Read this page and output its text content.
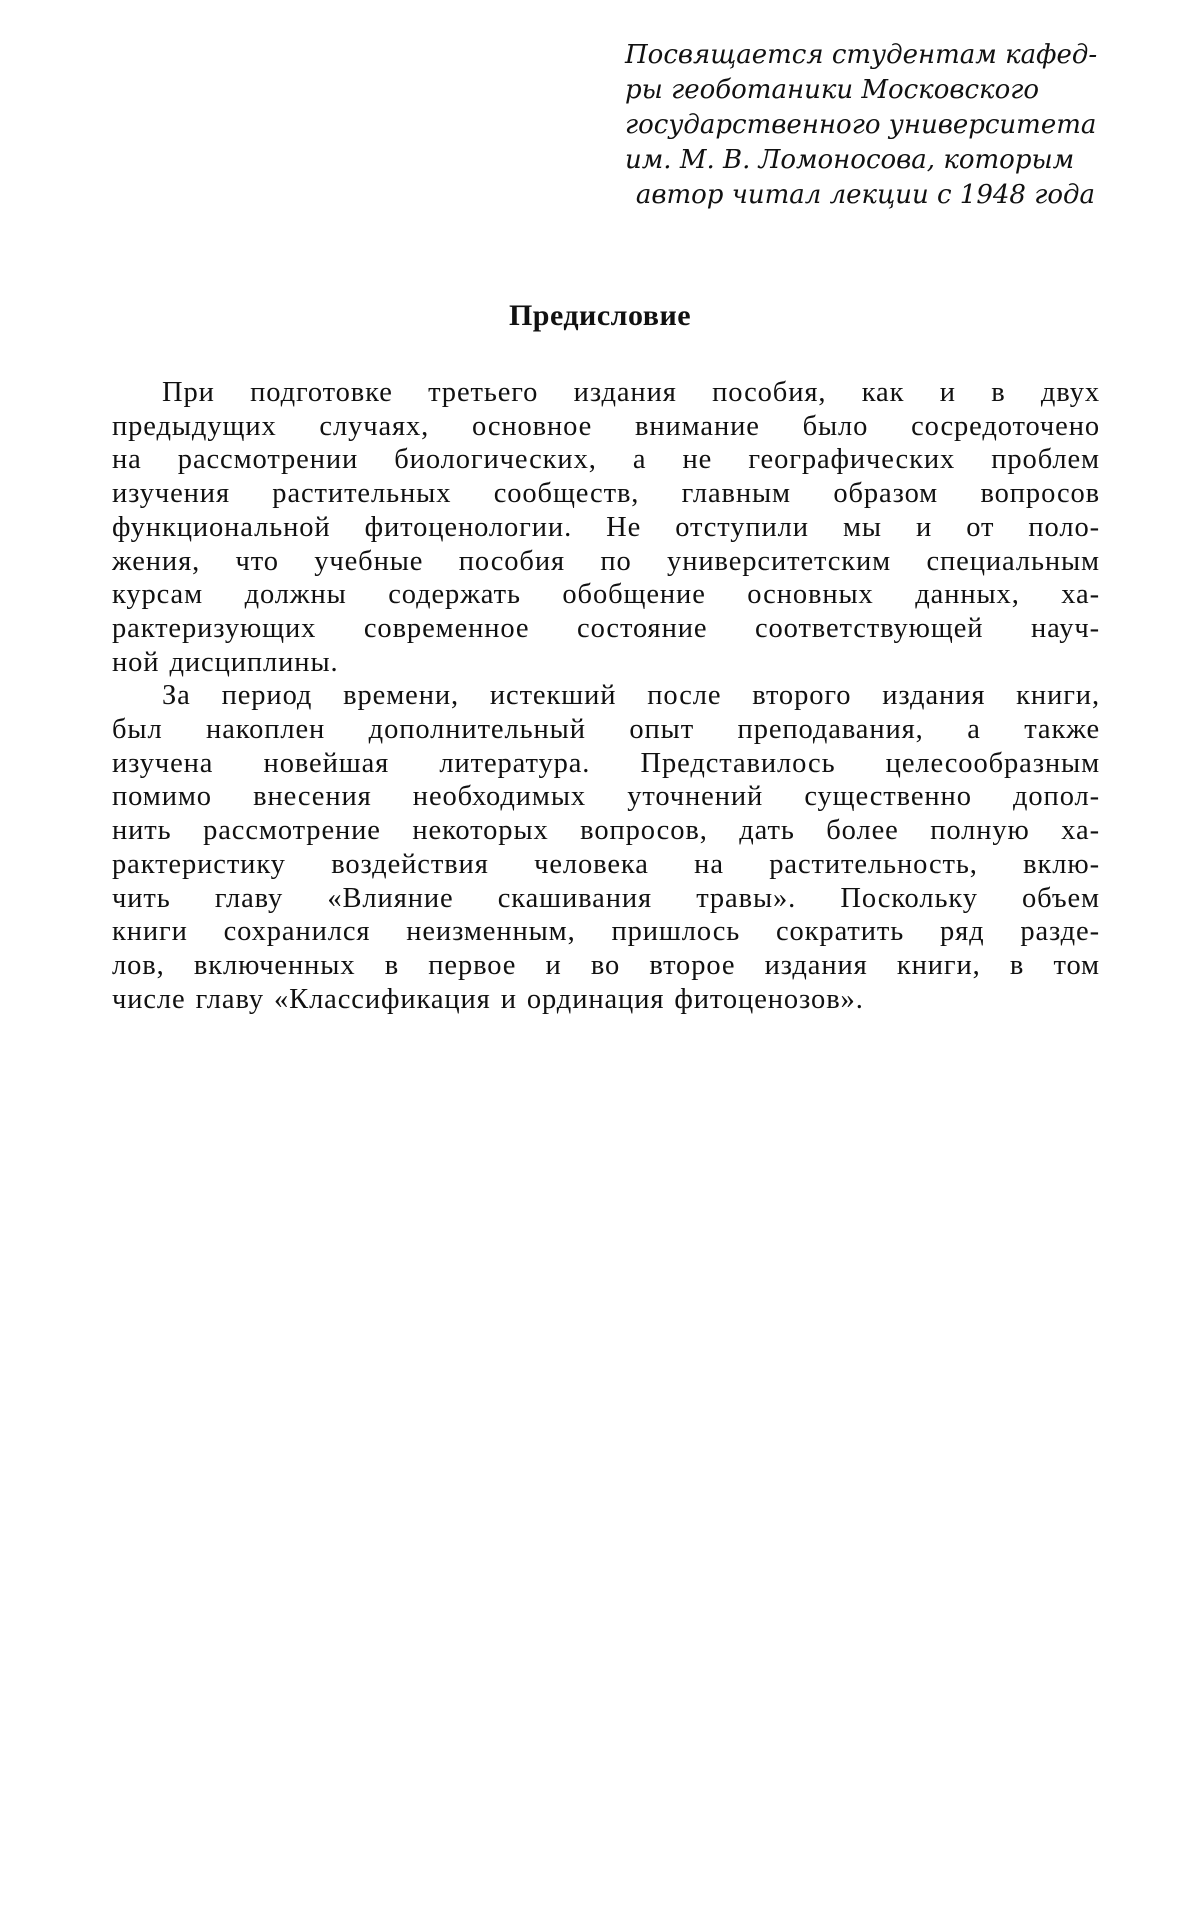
Посвящается студентам кафед-
ры геоботаники Московского
государственного университета
им. М. В. Ломоносова, которым
автор читал лекции с 1948 года
Предисловие
При подготовке третьего издания пособия, как и в двух
предыдущих случаях, основное внимание было сосредоточено
на рассмотрении биологических, а не географических проблем
изучения растительных сообществ, главным образом вопросов
функциональной фитоценологии. Не отступили мы и от поло-
жения, что учебные пособия по университетским специальным
курсам должны содержать обобщение основных данных, ха-
рактеризующих современное состояние соответствующей науч-
ной дисциплины.
За период времени, истекший после второго издания книги,
был накоплен дополнительный опыт преподавания, а также
изучена новейшая литература. Представилось целесообразным
помимо внесения необходимых уточнений существенно допол-
нить рассмотрение некоторых вопросов, дать более полную ха-
рактеристику воздействия человека на растительность, вклю-
чить главу «Влияние скашивания травы». Поскольку объем
книги сохранился неизменным, пришлось сократить ряд разде-
лов, включенных в первое и во второе издания книги, в том
числе главу «Классификация и ординация фитоценозов».
